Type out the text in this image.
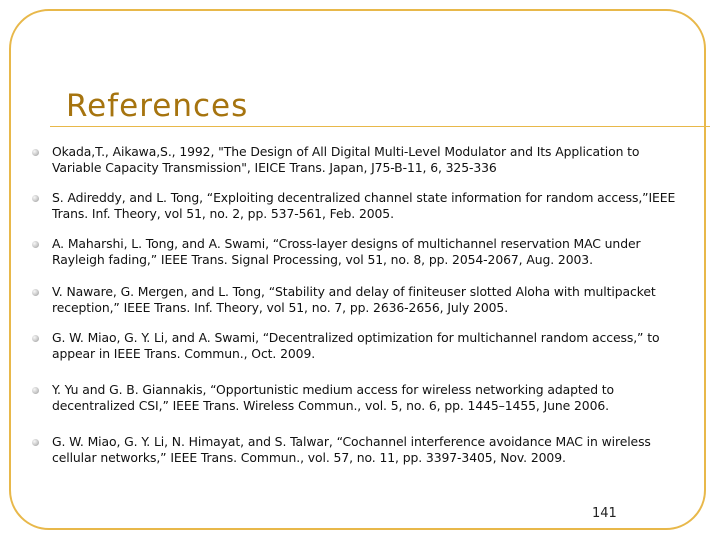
References

Okada,T., Aikawa,S., 1992, "The Design of All Digital Multi-Level Modulator and Its Application to Variable Capacity Transmission", IEICE Trans. Japan, J75-B-11, 6, 325-336

S. Adireddy, and L. Tong, “Exploiting decentralized channel state information for random access,”IEEE Trans. Inf. Theory, vol 51, no. 2, pp. 537-561, Feb. 2005.

A. Maharshi, L. Tong, and A. Swami, “Cross-layer designs of multichannel reservation MAC under Rayleigh fading,” IEEE Trans. Signal Processing, vol 51, no. 8, pp. 2054-2067, Aug. 2003.

V. Naware, G. Mergen, and L. Tong, “Stability and delay of finiteuser slotted Aloha with multipacket reception,” IEEE Trans. Inf. Theory, vol 51, no. 7, pp. 2636-2656, July 2005.

G. W. Miao, G. Y. Li, and A. Swami, “Decentralized optimization for multichannel random access,” to appear in IEEE Trans. Commun., Oct. 2009.

Y. Yu and G. B. Giannakis, “Opportunistic medium access for wireless networking adapted to decentralized CSI,” IEEE Trans. Wireless Commun., vol. 5, no. 6, pp. 1445–1455, June 2006.

G. W. Miao, G. Y. Li, N. Himayat, and S. Talwar, “Cochannel interference avoidance MAC in wireless cellular networks,” IEEE Trans. Commun., vol. 57, no. 11, pp. 3397-3405, Nov. 2009.

141
